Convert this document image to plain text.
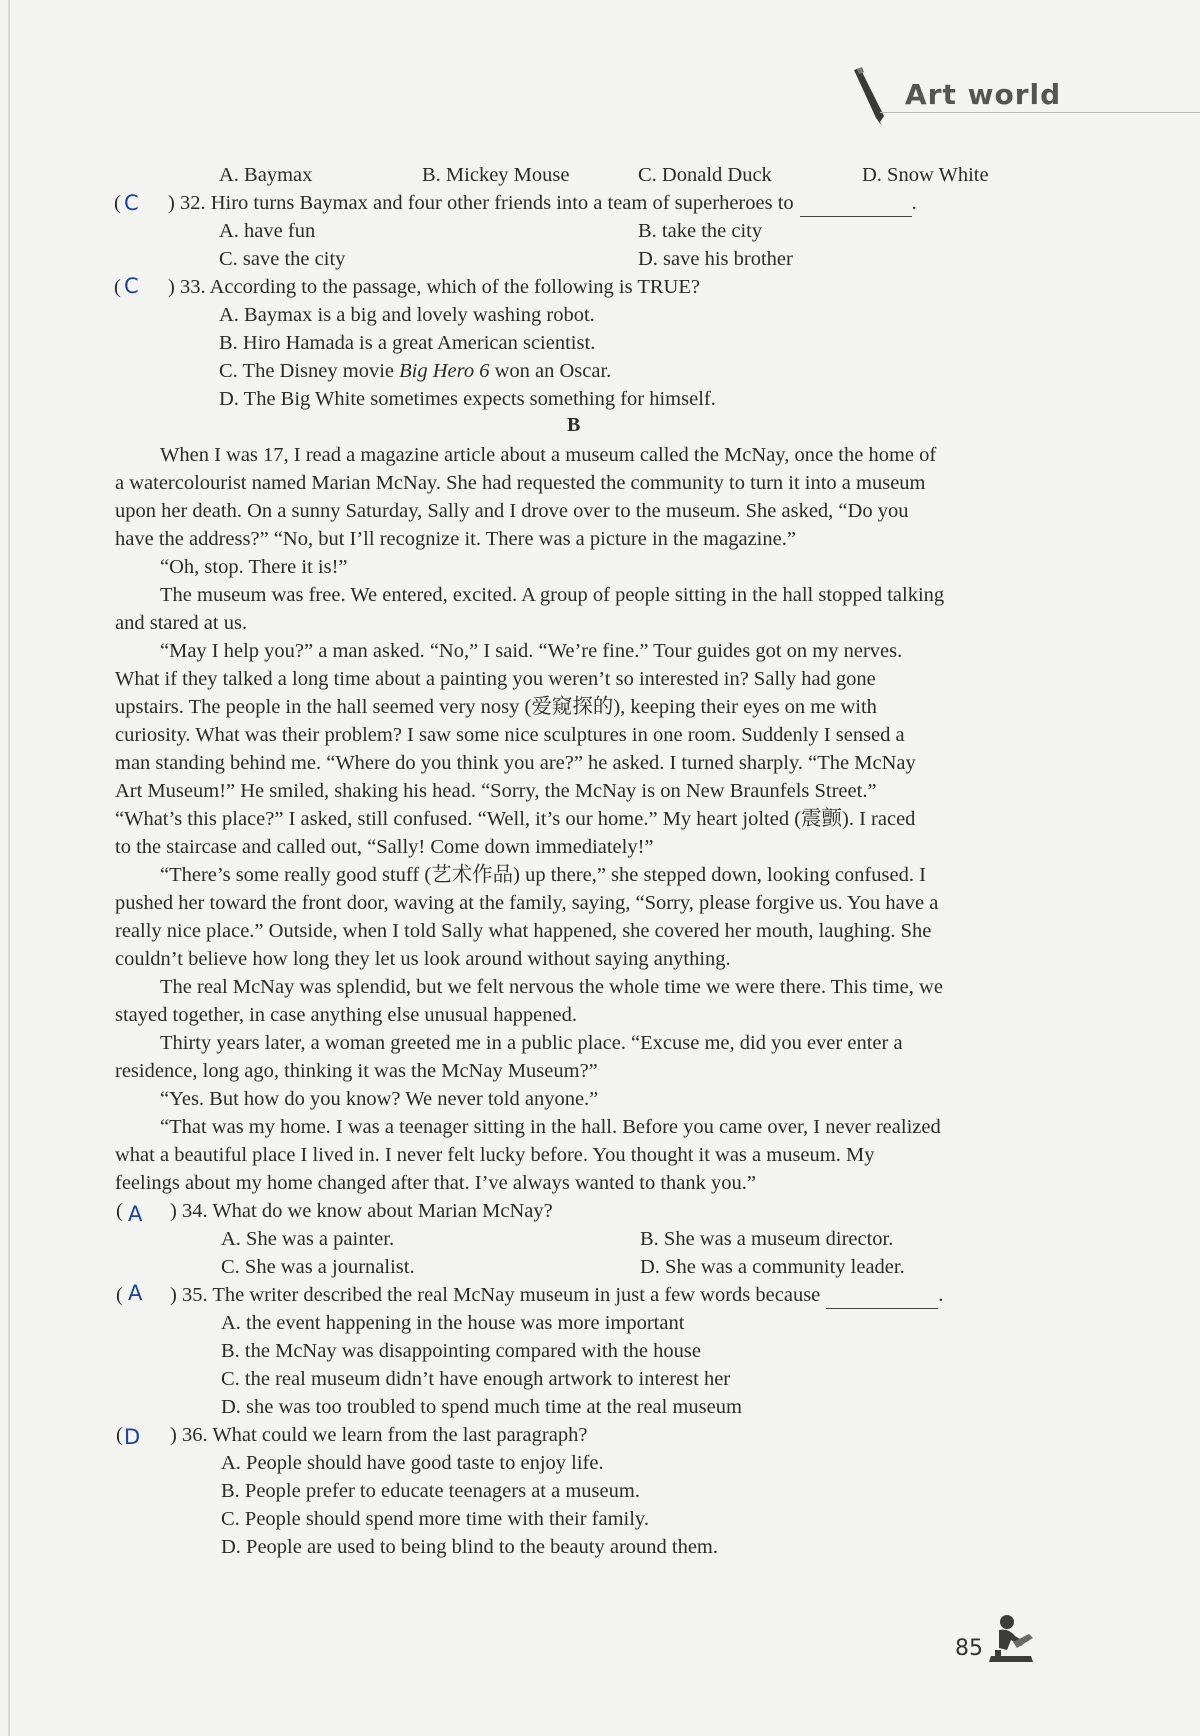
Art world
A. Baymax	B. Mickey Mouse	C. Donald Duck	D. Snow White
( C ) 32. Hiro turns Baymax and four other friends into a team of superheroes to	.
A. have fun	B. take the city
C. save the city	D. save his brother
( C ) 33. According to the passage, which of the following is TRUE?
A. Baymax is a big and lovely washing robot.
B. Hiro Hamada is a great American scientist.
C. The Disney movie Big Hero 6 won an Oscar.
D. The Big White sometimes expects something for himself.
B
When I was 17, I read a magazine article about a museum called the McNay, once the home of
a watercolourist named Marian McNay. She had requested the community to turn it into a museum
upon her death. On a sunny Saturday, Sally and I drove over to the museum. She asked, “Do you
have the address?” “No, but I’ll recognize it. There was a picture in the magazine.”
“Oh, stop. There it is!”
The museum was free. We entered, excited. A group of people sitting in the hall stopped talking
and stared at us.
“May I help you?” a man asked. “No,” I said. “We’re fine.” Tour guides got on my nerves.
What if they talked a long time about a painting you weren’t so interested in? Sally had gone
upstairs. The people in the hall seemed very nosy (爱窥探的), keeping their eyes on me with
curiosity. What was their problem? I saw some nice sculptures in one room. Suddenly I sensed a
man standing behind me. “Where do you think you are?” he asked. I turned sharply. “The McNay
Art Museum!” He smiled, shaking his head. “Sorry, the McNay is on New Braunfels Street.”
“What’s this place?” I asked, still confused. “Well, it’s our home.” My heart jolted (震颤). I raced
to the staircase and called out, “Sally! Come down immediately!”
“There’s some really good stuff (艺术作品) up there,” she stepped down, looking confused. I
pushed her toward the front door, waving at the family, saying, “Sorry, please forgive us. You have a
really nice place.” Outside, when I told Sally what happened, she covered her mouth, laughing. She
couldn’t believe how long they let us look around without saying anything.
The real McNay was splendid, but we felt nervous the whole time we were there. This time, we
stayed together, in case anything else unusual happened.
Thirty years later, a woman greeted me in a public place. “Excuse me, did you ever enter a
residence, long ago, thinking it was the McNay Museum?”
“Yes. But how do you know? We never told anyone.”
“That was my home. I was a teenager sitting in the hall. Before you came over, I never realized
what a beautiful place I lived in. I never felt lucky before. You thought it was a museum. My
feelings about my home changed after that. I’ve always wanted to thank you.”
( A ) 34. What do we know about Marian McNay?
A. She was a painter.	B. She was a museum director.
C. She was a journalist.	D. She was a community leader.
( A ) 35. The writer described the real McNay museum in just a few words because	.
A. the event happening in the house was more important
B. the McNay was disappointing compared with the house
C. the real museum didn’t have enough artwork to interest her
D. she was too troubled to spend much time at the real museum
( D ) 36. What could we learn from the last paragraph?
A. People should have good taste to enjoy life.
B. People prefer to educate teenagers at a museum.
C. People should spend more time with their family.
D. People are used to being blind to the beauty around them.
85
